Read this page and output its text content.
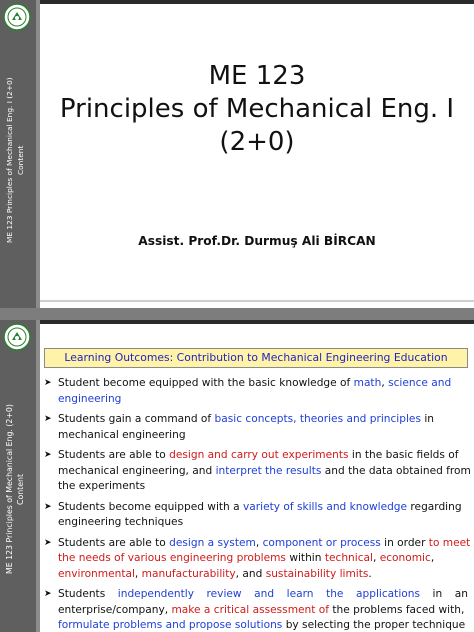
ME 123 Principles of Mechanical Eng. I (2+0) Content
ME 123
Principles of Mechanical Eng. I
(2+0)
Assist. Prof.Dr. Durmuş Ali BİRCAN
ME 123 Principles of Mechanical Eng. (2+0) Content
Learning Outcomes: Contribution to Mechanical Engineering Education
➤ Student become equipped with the basic knowledge of math, science and
engineering
➤ Students gain a command of basic concepts, theories and principles in
mechanical engineering
➤ Students are able to design and carry out experiments in the basic fields of
mechanical engineering, and interpret the results and the data obtained from
the experiments
➤ Students become equipped with a variety of skills and knowledge regarding
engineering techniques
➤ Students are able to design a system, component or process in order to meet
the needs of various engineering problems within technical, economic,
environmental, manufacturability, and sustainability limits.
➤ Students independently review and learn the applications in an
enterprise/company, make a critical assessment of the problems faced with,
formulate problems and propose solutions by selecting the proper technique
